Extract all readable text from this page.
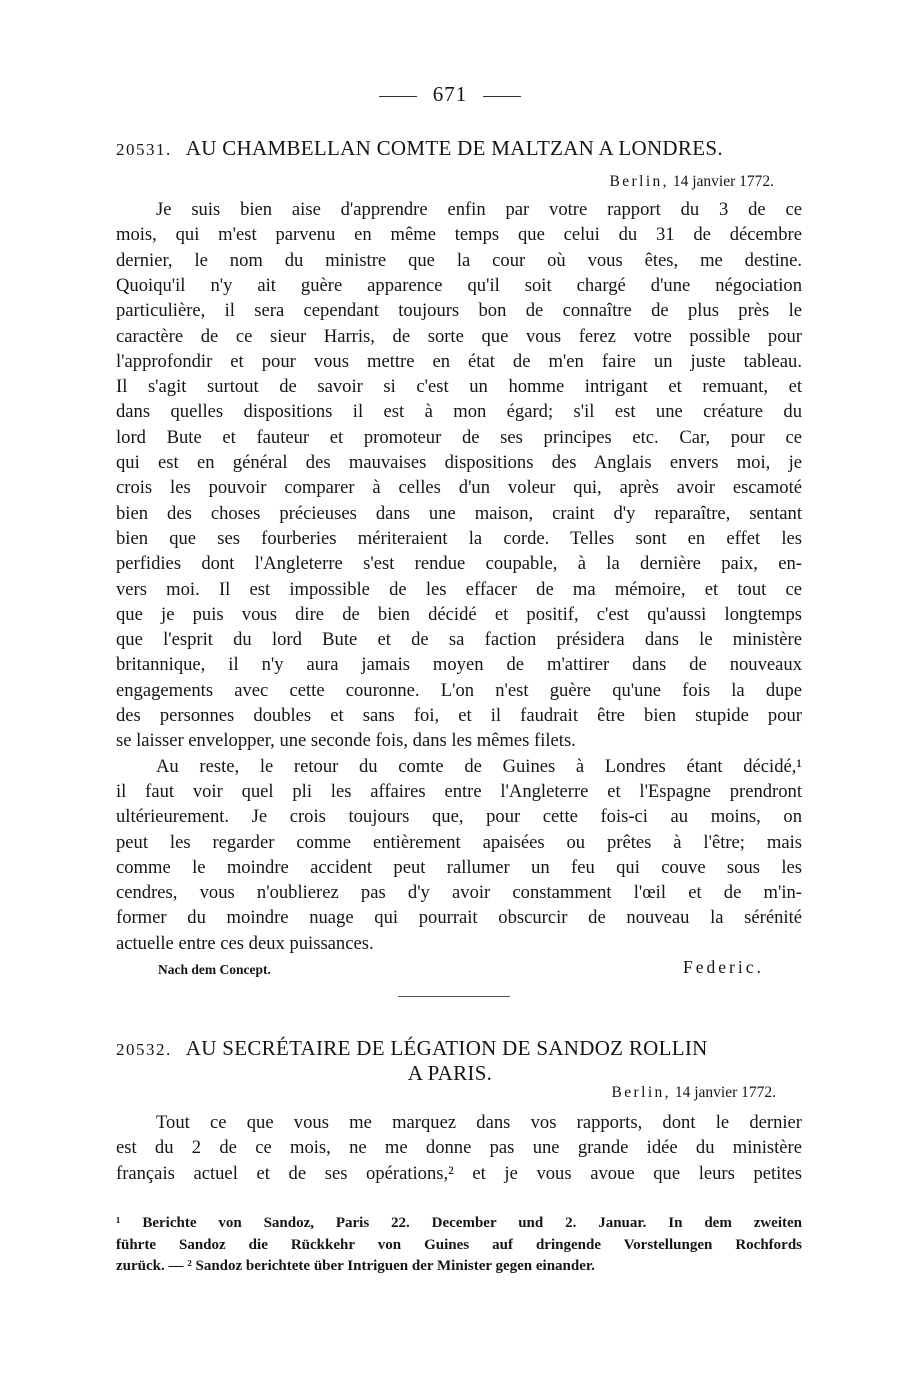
671
20531. AU CHAMBELLAN COMTE DE MALTZAN A LONDRES.
Berlin, 14 janvier 1772.
Je suis bien aise d'apprendre enfin par votre rapport du 3 de ce
mois, qui m'est parvenu en même temps que celui du 31 de décembre
dernier, le nom du ministre que la cour où vous êtes, me destine.
Quoiqu'il n'y ait guère apparence qu'il soit chargé d'une négociation
particulière, il sera cependant toujours bon de connaître de plus près le
caractère de ce sieur Harris, de sorte que vous ferez votre possible pour
l'approfondir et pour vous mettre en état de m'en faire un juste tableau.
Il s'agit surtout de savoir si c'est un homme intrigant et remuant, et
dans quelles dispositions il est à mon égard; s'il est une créature du
lord Bute et fauteur et promoteur de ses principes etc. Car, pour ce
qui est en général des mauvaises dispositions des Anglais envers moi, je
crois les pouvoir comparer à celles d'un voleur qui, après avoir escamoté
bien des choses précieuses dans une maison, craint d'y reparaître, sentant
bien que ses fourberies mériteraient la corde. Telles sont en effet les
perfidies dont l'Angleterre s'est rendue coupable, à la dernière paix, en-
vers moi. Il est impossible de les effacer de ma mémoire, et tout ce
que je puis vous dire de bien décidé et positif, c'est qu'aussi longtemps
que l'esprit du lord Bute et de sa faction présidera dans le ministère
britannique, il n'y aura jamais moyen de m'attirer dans de nouveaux
engagements avec cette couronne. L'on n'est guère qu'une fois la dupe
des personnes doubles et sans foi, et il faudrait être bien stupide pour
se laisser envelopper, une seconde fois, dans les mêmes filets.
Au reste, le retour du comte de Guines à Londres étant décidé,¹
il faut voir quel pli les affaires entre l'Angleterre et l'Espagne prendront
ultérieurement. Je crois toujours que, pour cette fois-ci au moins, on
peut les regarder comme entièrement apaisées ou prêtes à l'être; mais
comme le moindre accident peut rallumer un feu qui couve sous les
cendres, vous n'oublierez pas d'y avoir constamment l'œil et de m'in-
former du moindre nuage qui pourrait obscurcir de nouveau la sérénité
actuelle entre ces deux puissances.
Nach dem Concept.	Federic.
20532. AU SECRÉTAIRE DE LÉGATION DE SANDOZ ROLLIN
A PARIS.
Berlin, 14 janvier 1772.
Tout ce que vous me marquez dans vos rapports, dont le dernier
est du 2 de ce mois, ne me donne pas une grande idée du ministère
français actuel et de ses opérations,² et je vous avoue que leurs petites
¹ Berichte von Sandoz, Paris 22. December und 2. Januar. In dem zweiten
führte Sandoz die Rückkehr von Guines auf dringende Vorstellungen Rochfords
zurück. — ² Sandoz berichtete über Intriguen der Minister gegen einander.
